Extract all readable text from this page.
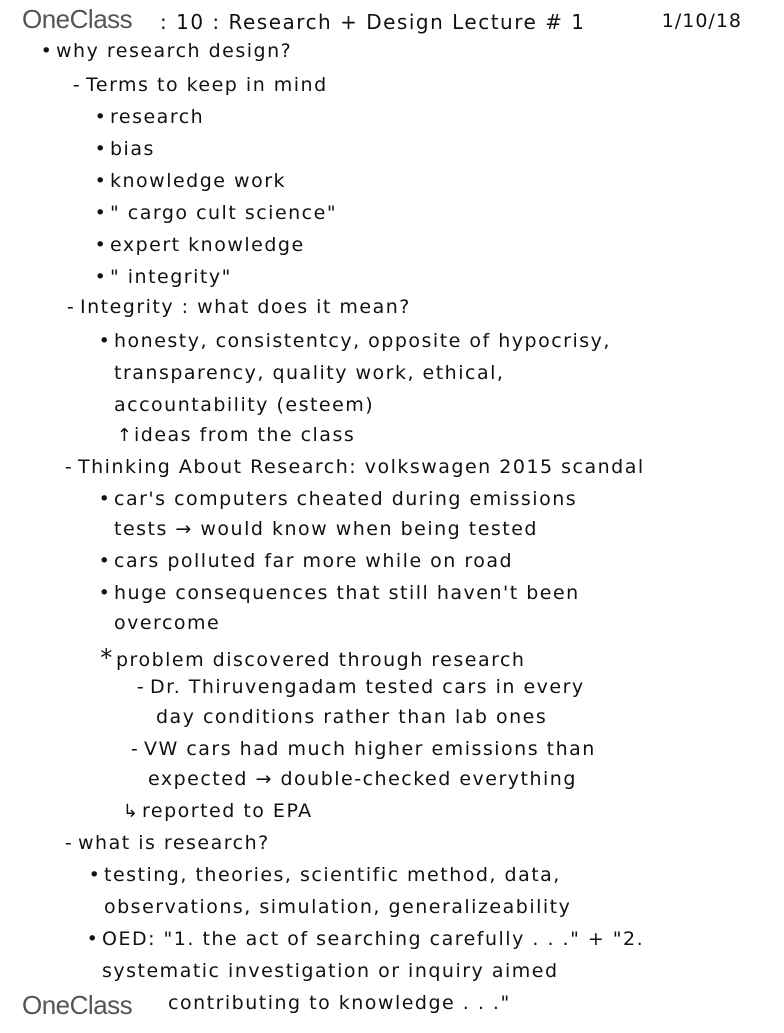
OneClass : 10 : Research + Design Lecture # 1	1/10/18
• why research design?
- Terms to keep in mind
• research
• bias
• knowledge work
• " cargo cult science"
• expert knowledge
• " integrity"
- Integrity : what does it mean?
• honesty, consistentcy, opposite of hypocrisy,
transparency, quality work, ethical,
accountability (esteem)
↑ideas from the class
- Thinking About Research: volkswagen 2015 scandal
• car's computers cheated during emissions
tests → would know when being tested
• cars polluted far more while on road
• huge consequences that still haven't been
overcome
* problem discovered through research
- Dr. Thiruvengadam tested cars in every
day conditions rather than lab ones
- VW cars had much higher emissions than
expected → double-checked everything
↳ reported to EPA
- what is research?
• testing, theories, scientific method, data,
observations, simulation, generalizeability
• OED: "1. the act of searching carefully . . ." + "2.
systematic investigation or inquiry aimed
contributing to knowledge . . ."
OneClass
